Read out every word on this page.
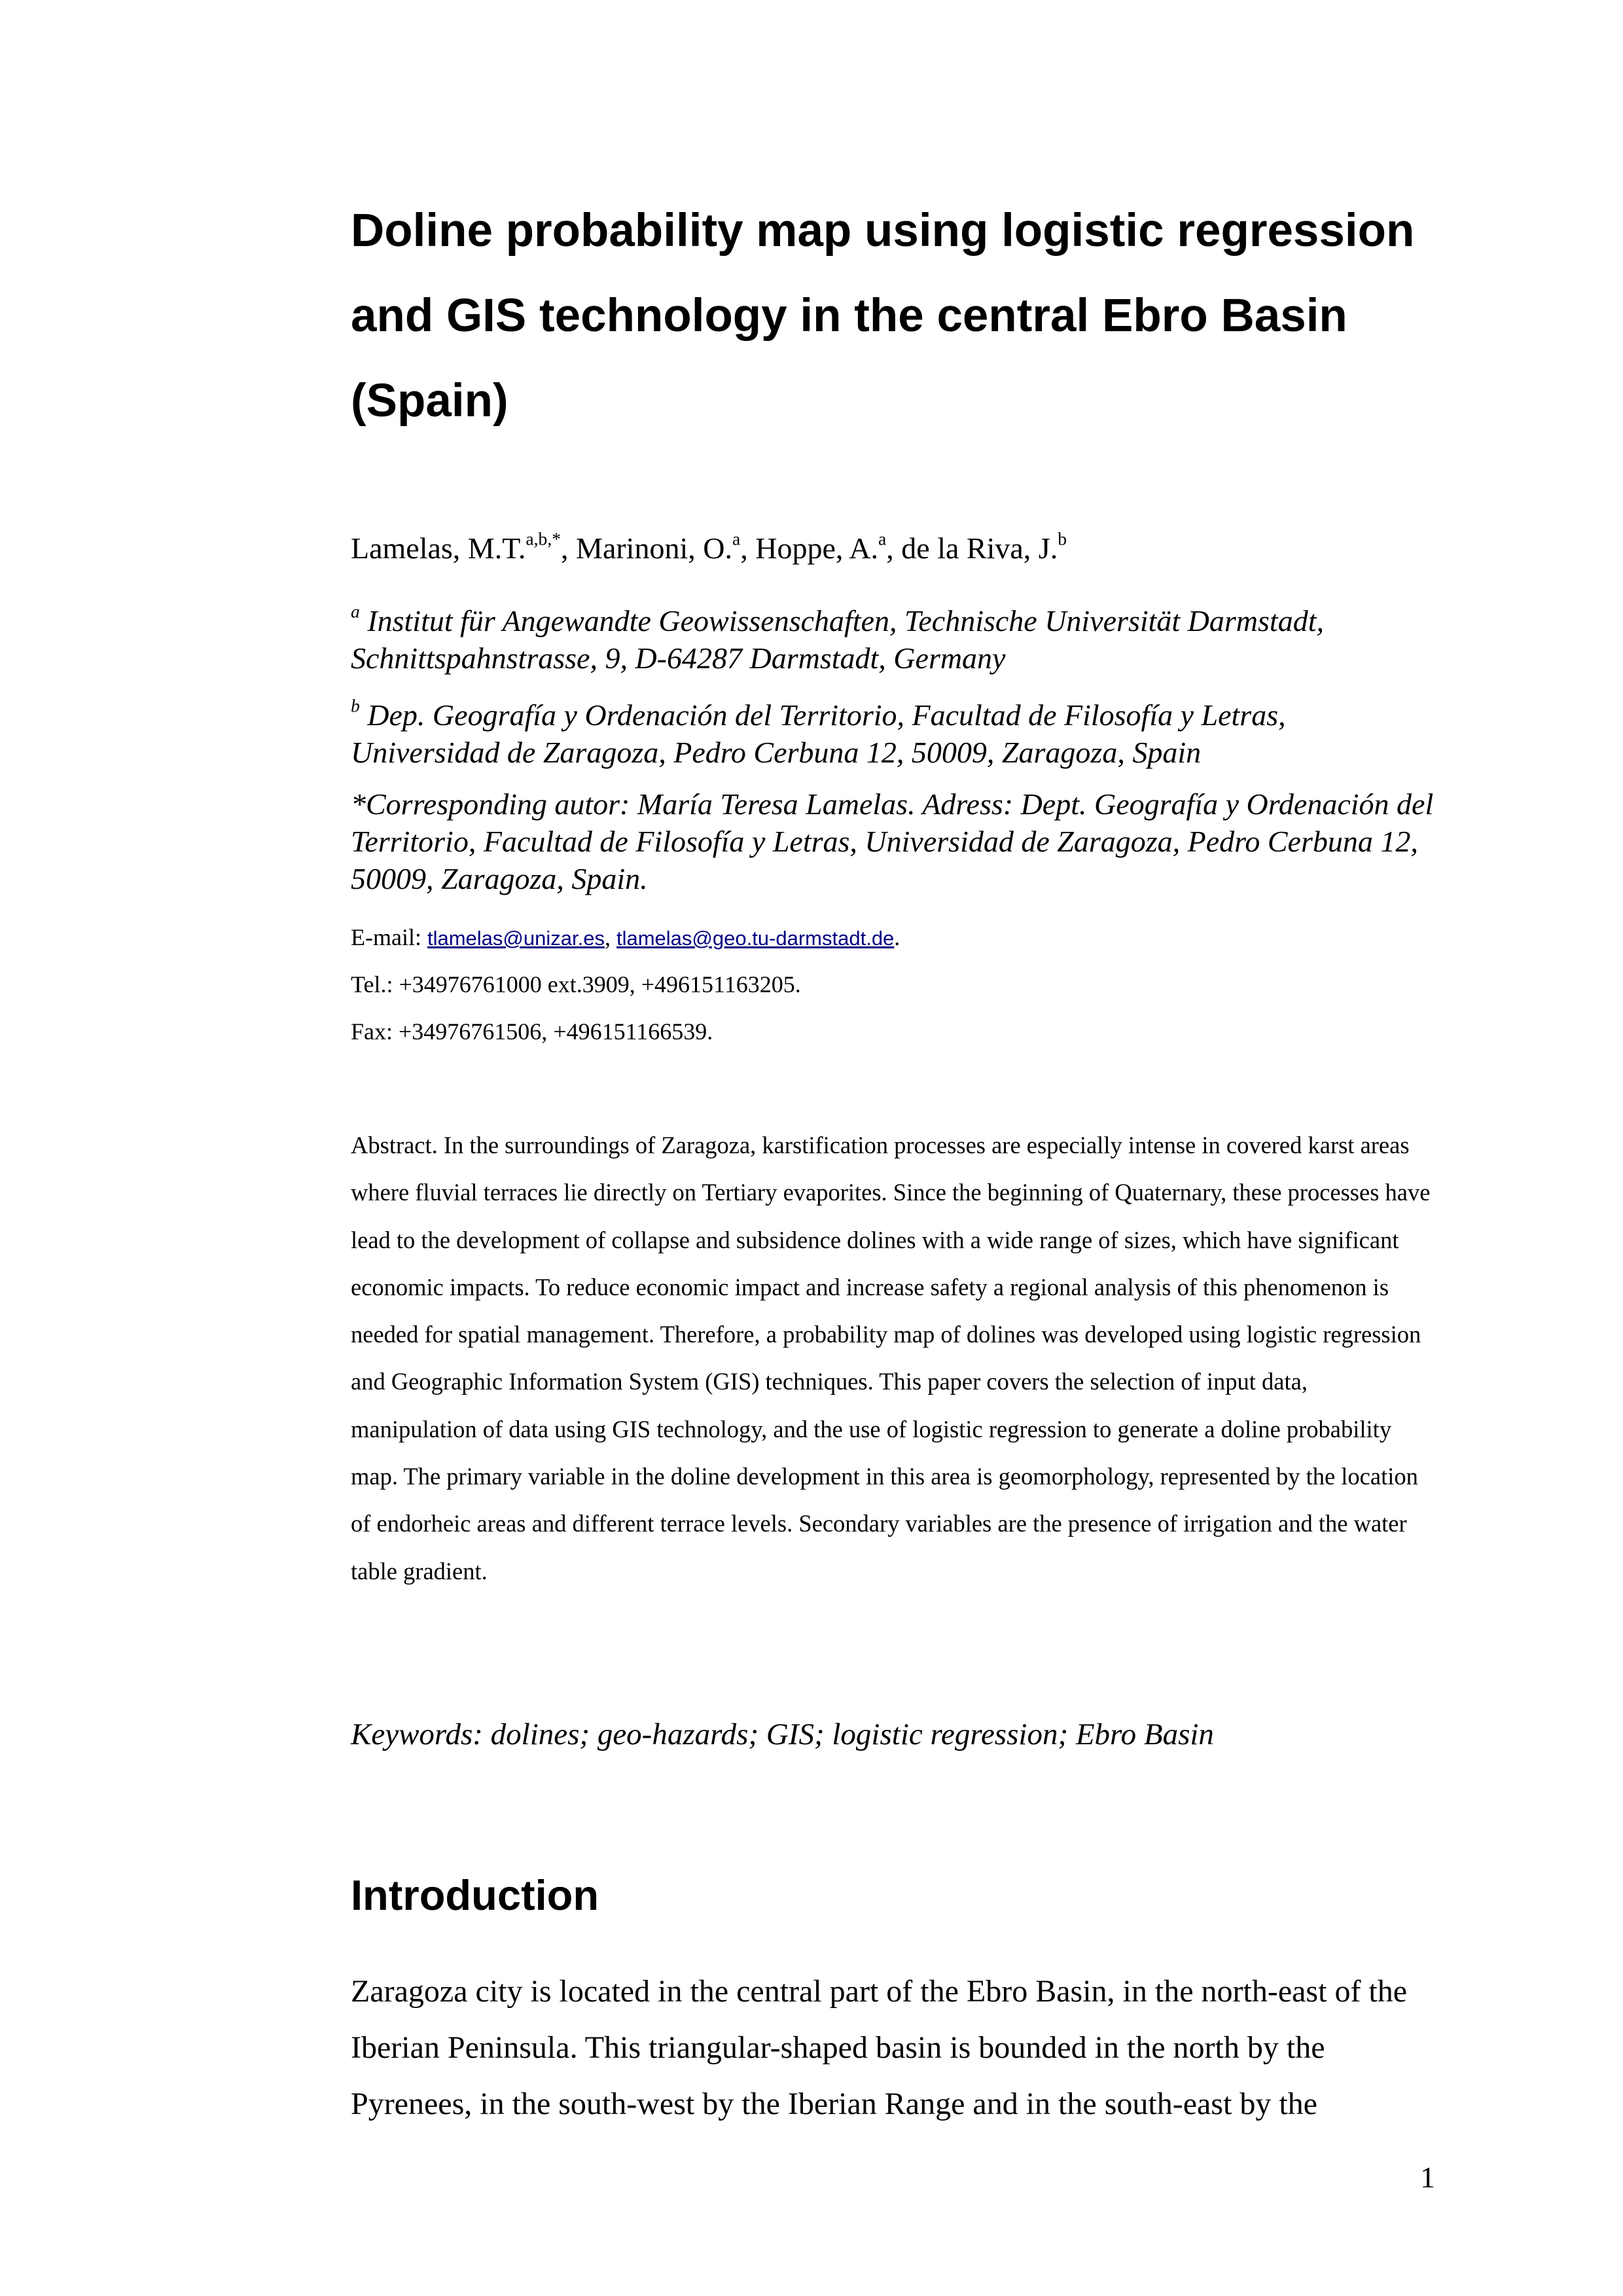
Doline probability map using logistic regression and GIS technology in the central Ebro Basin (Spain)
Lamelas, M.T.$^{a,b,*}$, Marinoni, O.$^a$, Hoppe, A.$^a$, de la Riva, J.$^b$
$^a$ Institut für Angewandte Geowissenschaften, Technische Universität Darmstadt, Schnittspahnstrasse, 9, D-64287 Darmstadt, Germany
$^b$ Dep. Geografía y Ordenación del Territorio, Facultad de Filosofía y Letras, Universidad de Zaragoza, Pedro Cerbuna 12, 50009, Zaragoza, Spain
*Corresponding autor: María Teresa Lamelas. Adress: Dept. Geografía y Ordenación del Territorio, Facultad de Filosofía y Letras, Universidad de Zaragoza, Pedro Cerbuna 12, 50009, Zaragoza, Spain.
E-mail: tlamelas@unizar.es, tlamelas@geo.tu-darmstadt.de.
Tel.: +34976761000 ext.3909, +496151163205.
Fax: +34976761506, +496151166539.
Abstract. In the surroundings of Zaragoza, karstification processes are especially intense in covered karst areas where fluvial terraces lie directly on Tertiary evaporites. Since the beginning of Quaternary, these processes have lead to the development of collapse and subsidence dolines with a wide range of sizes, which have significant economic impacts. To reduce economic impact and increase safety a regional analysis of this phenomenon is needed for spatial management. Therefore, a probability map of dolines was developed using logistic regression and Geographic Information System (GIS) techniques. This paper covers the selection of input data, manipulation of data using GIS technology, and the use of logistic regression to generate a doline probability map. The primary variable in the doline development in this area is geomorphology, represented by the location of endorheic areas and different terrace levels. Secondary variables are the presence of irrigation and the water table gradient.
Keywords: dolines; geo-hazards; GIS; logistic regression; Ebro Basin
Introduction
Zaragoza city is located in the central part of the Ebro Basin, in the north-east of the Iberian Peninsula. This triangular-shaped basin is bounded in the north by the Pyrenees, in the south-west by the Iberian Range and in the south-east by the
1
